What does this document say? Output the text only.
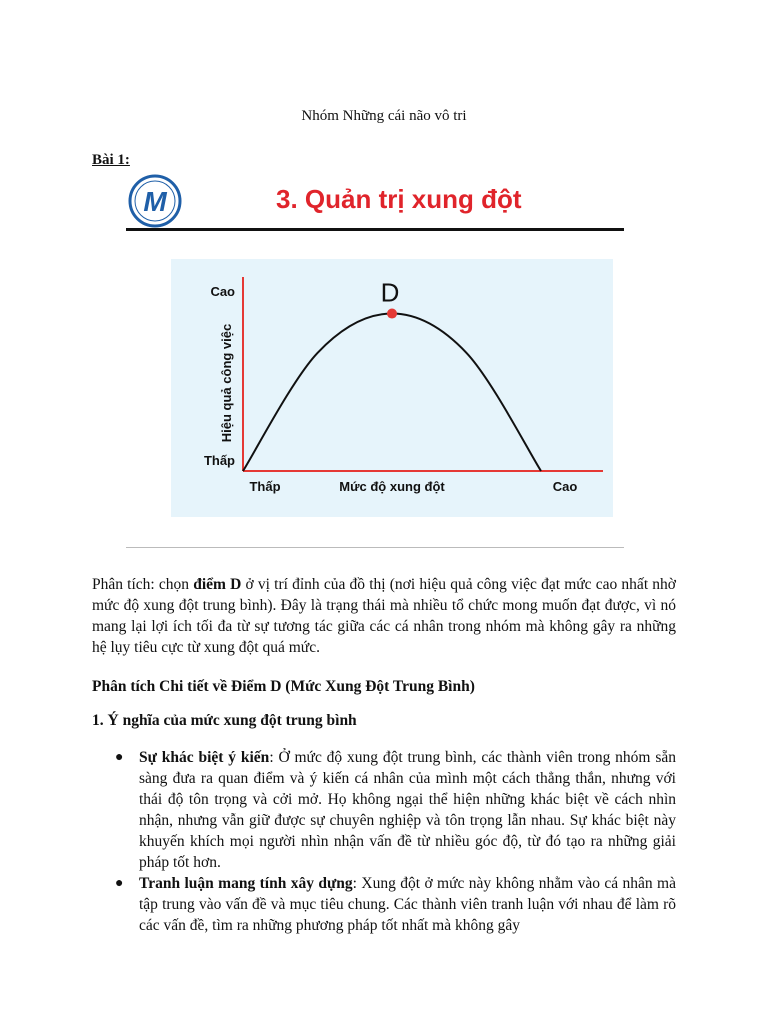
Nhóm Những cái não vô tri
Bài 1:
M	3. Quản trị xung đột
D
Cao
Thấp
Thấp	Cao
Mức độ xung đột
Hiệu quả công việc
Phân tích: chọn điểm D ở vị trí đỉnh của đồ thị (nơi hiệu quả công việc đạt mức cao nhất nhờ mức độ xung đột trung bình). Đây là trạng thái mà nhiều tổ chức mong muốn đạt được, vì nó mang lại lợi ích tối đa từ sự tương tác giữa các cá nhân trong nhóm mà không gây ra những hệ lụy tiêu cực từ xung đột quá mức.
Phân tích Chi tiết về Điểm D (Mức Xung Đột Trung Bình)
1. Ý nghĩa của mức xung đột trung bình
● Sự khác biệt ý kiến: Ở mức độ xung đột trung bình, các thành viên trong nhóm sẵn sàng đưa ra quan điểm và ý kiến cá nhân của mình một cách thẳng thắn, nhưng với thái độ tôn trọng và cởi mở. Họ không ngại thể hiện những khác biệt về cách nhìn nhận, nhưng vẫn giữ được sự chuyên nghiệp và tôn trọng lẫn nhau. Sự khác biệt này khuyến khích mọi người nhìn nhận vấn đề từ nhiều góc độ, từ đó tạo ra những giải pháp tốt hơn.
● Tranh luận mang tính xây dựng: Xung đột ở mức này không nhằm vào cá nhân mà tập trung vào vấn đề và mục tiêu chung. Các thành viên tranh luận với nhau để làm rõ các vấn đề, tìm ra những phương pháp tốt nhất mà không gây
